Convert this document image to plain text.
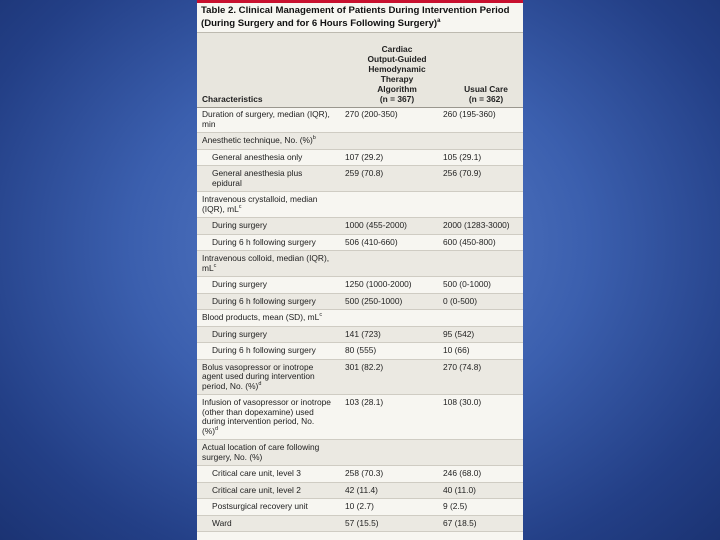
Table 2. Clinical Management of Patients During Intervention Period
(During Surgery and for 6 Hours Following Surgery)$^a$
Characteristics
Cardiac
Output-Guided
Hemodynamic
Therapy
Algorithm
(n = 367)
Usual Care
(n = 362)
Duration of surgery, median (IQR), min	270 (200-350)	260 (195-360)
Anesthetic technique, No. (%)$^b$		
General anesthesia only	107 (29.2)	105 (29.1)
General anesthesia plus epidural	259 (70.8)	256 (70.9)
Intravenous crystalloid, median (IQR), $mL^c$		
During surgery	1000 (455-2000)	2000 (1283-3000)
During 6 h following surgery	506 (410-660)	600 (450-800)
Intravenous colloid, median (IQR), $mL^c$		
During surgery	1250 (1000-2000)	500 (0-1000)
During 6 h following surgery	500 (250-1000)	0 (0-500)
Blood products, mean (SD), $mL^c$		
During surgery	141 (723)	95 (542)
During 6 h following surgery	80 (555)	10 (66)
Bolus vasopressor or inotrope agent used during intervention period, No. (%)$^d$	301 (82.2)	270 (74.8)
Infusion of vasopressor or inotrope (other than dopexamine) used during intervention period, No. (%)$^d$	103 (28.1)	108 (30.0)
Actual location of care following surgery, No. (%)		
Critical care unit, level 3	258 (70.3)	246 (68.0)
Critical care unit, level 2	42 (11.4)	40 (11.0)
Postsurgical recovery unit	10 (2.7)	9 (2.5)
Ward	57 (15.5)	67 (18.5)
